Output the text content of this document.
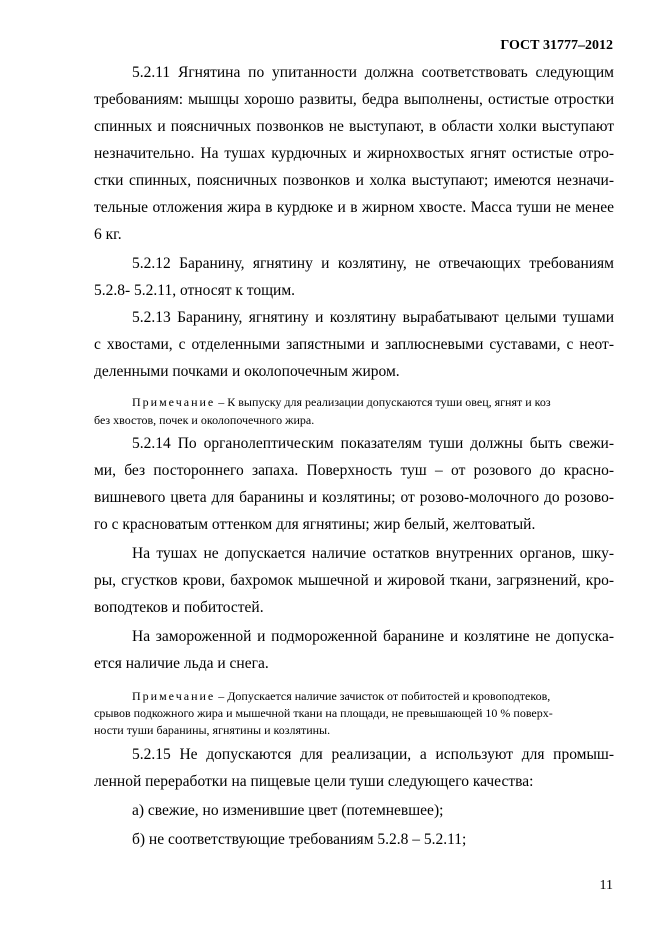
ГОСТ 31777–2012
5.2.11 Ягнятина по упитанности должна соответствовать следующим
требованиям: мышцы хорошо развиты, бедра выполнены, остистые отростки
спинных и поясничных позвонков не выступают, в области холки выступают
незначительно. На тушах курдючных и жирнохвостых ягнят остистые отро-
стки спинных, поясничных позвонков и холка выступают; имеются незначи-
тельные отложения жира в курдюке и в жирном хвосте. Масса туши не менее
6 кг.
5.2.12 Баранину, ягнятину и козлятину, не отвечающих требованиям
5.2.8- 5.2.11, относят к тощим.
5.2.13 Баранину, ягнятину и козлятину вырабатывают целыми тушами
с хвостами, с отделенными запястными и заплюсневыми суставами, с неот-
деленными почками и околопочечным жиром.
Примечание – К выпуску для реализации допускаются туши овец, ягнят и коз
без хвостов, почек и околопочечного жира.
5.2.14 По органолептическим показателям туши должны быть свежи-
ми, без постороннего запаха. Поверхность туш – от розового до красно-
вишневого цвета для баранины и козлятины; от розово-молочного до розово-
го с красноватым оттенком для ягнятины; жир белый, желтоватый.
На тушах не допускается наличие остатков внутренних органов, шку-
ры, сгустков крови, бахромок мышечной и жировой ткани, загрязнений, кро-
воподтеков и побитостей.
На замороженной и подмороженной баранине и козлятине не допуска-
ется наличие льда и снега.
Примечание – Допускается наличие зачисток от побитостей и кровоподтеков,
срывов подкожного жира и мышечной ткани на площади, не превышающей 10 % поверх-
ности туши баранины, ягнятины и козлятины.
5.2.15 Не допускаются для реализации, а используют для промыш-
ленной переработки на пищевые цели туши следующего качества:
а) свежие, но изменившие цвет (потемневшее);
б) не соответствующие требованиям 5.2.8 – 5.2.11;
11
